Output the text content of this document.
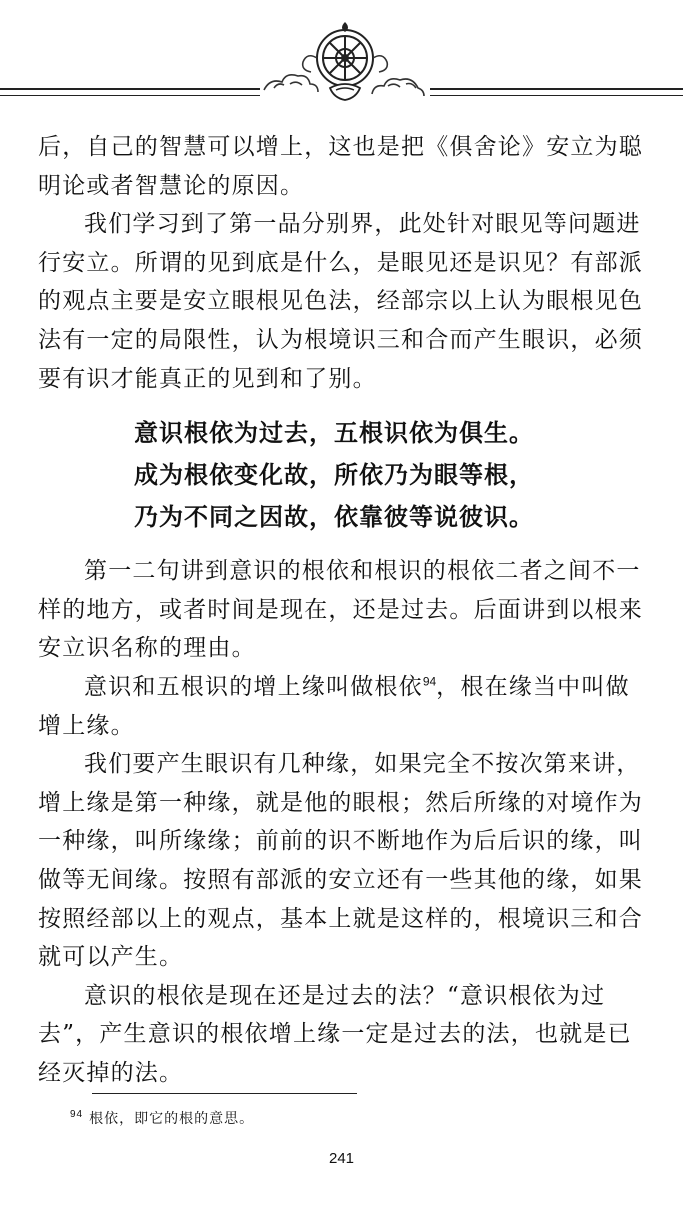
后，自己的智慧可以增上，这也是把《俱舍论》安立为聪明论或者智慧论的原因。

我们学习到了第一品分别界，此处针对眼见等问题进行安立。所谓的见到底是什么，是眼见还是识见？有部派的观点主要是安立眼根见色法，经部宗以上认为眼根见色法有一定的局限性，认为根境识三和合而产生眼识，必须要有识才能真正的见到和了别。

意识根依为过去，五根识依为俱生。
成为根依变化故，所依乃为眼等根，
乃为不同之因故，依靠彼等说彼识。

第一二句讲到意识的根依和根识的根依二者之间不一样的地方，或者时间是现在，还是过去。后面讲到以根来安立识名称的理由。

意识和五根识的增上缘叫做根依$^{94}$，根在缘当中叫做增上缘。

我们要产生眼识有几种缘，如果完全不按次第来讲，增上缘是第一种缘，就是他的眼根；然后所缘的对境作为一种缘，叫所缘缘；前前的识不断地作为后后识的缘，叫做等无间缘。按照有部派的安立还有一些其他的缘，如果按照经部以上的观点，基本上就是这样的，根境识三和合就可以产生。

意识的根依是现在还是过去的法？“意识根依为过去”，产生意识的根依增上缘一定是过去的法，也就是已经灭掉的法。

$^{94}$ 根依，即它的根的意思。
241
